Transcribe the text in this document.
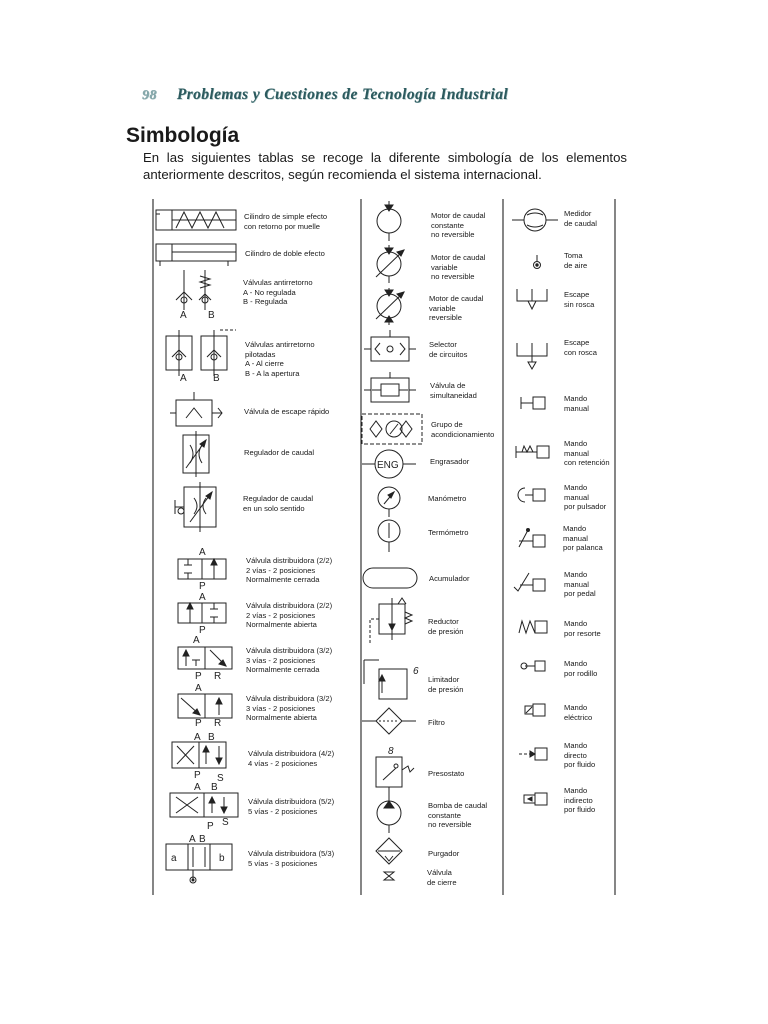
98 Problemas y Cuestiones de Tecnología Industrial
Simbología

En las siguientes tablas se recoge la diferente simbología de los elementos anteriormente descritos, según recomienda el sistema internacional.

A B
A	B
A
P
A
P
A
P R
A
P R
A B
P S
A B
P S
a	b
A B
ENG
6
8
Cilindro de simple efecto
con retorno por muelle
Cilindro de doble efecto
Válvulas antirretorno
A - No regulada
B - Regulada
Válvulas antirretorno
pilotadas
A - Al cierre
B - A la apertura
Válvula de escape rápido
Regulador de caudal
Regulador de caudal
en un solo sentido
Válvula distribuidora (2/2)
2 vías - 2 posiciones
Normalmente cerrada
Válvula distribuidora (2/2)
2 vías - 2 posiciones
Normalmente abierta
Válvula distribuidora (3/2)
3 vías - 2 posiciones
Normalmente cerrada
Válvula distribuidora (3/2)
3 vías - 2 posiciones
Normalmente abierta
Válvula distribuidora (4/2)
4 vías - 2 posiciones
Válvula distribuidora (5/2)
5 vías - 2 posiciones
Válvula distribuidora (5/3)
5 vías - 3 posiciones
Motor de caudal
constante
no reversible
Motor de caudal
variable
no reversible
Motor de caudal
variable
reversible
Selector
de circuitos
Válvula de
simultaneidad
Grupo de
acondicionamiento
Engrasador
Manómetro
Termómetro
Acumulador
Reductor
de presión
Limitador
de presión
Filtro
Presostato
Bomba de caudal
constante
no reversible
Purgador
Válvula
de cierre
Medidor
de caudal
Toma
de aire
Escape
sin rosca
Escape
con rosca
Mando
manual
Mando
manual
con retención
Mando
manual
por pulsador
Mando
manual
por palanca
Mando
manual
por pedal
Mando
por resorte
Mando
por rodillo
Mando
eléctrico
Mando
directo
por fluido
Mando
indirecto
por fluido
